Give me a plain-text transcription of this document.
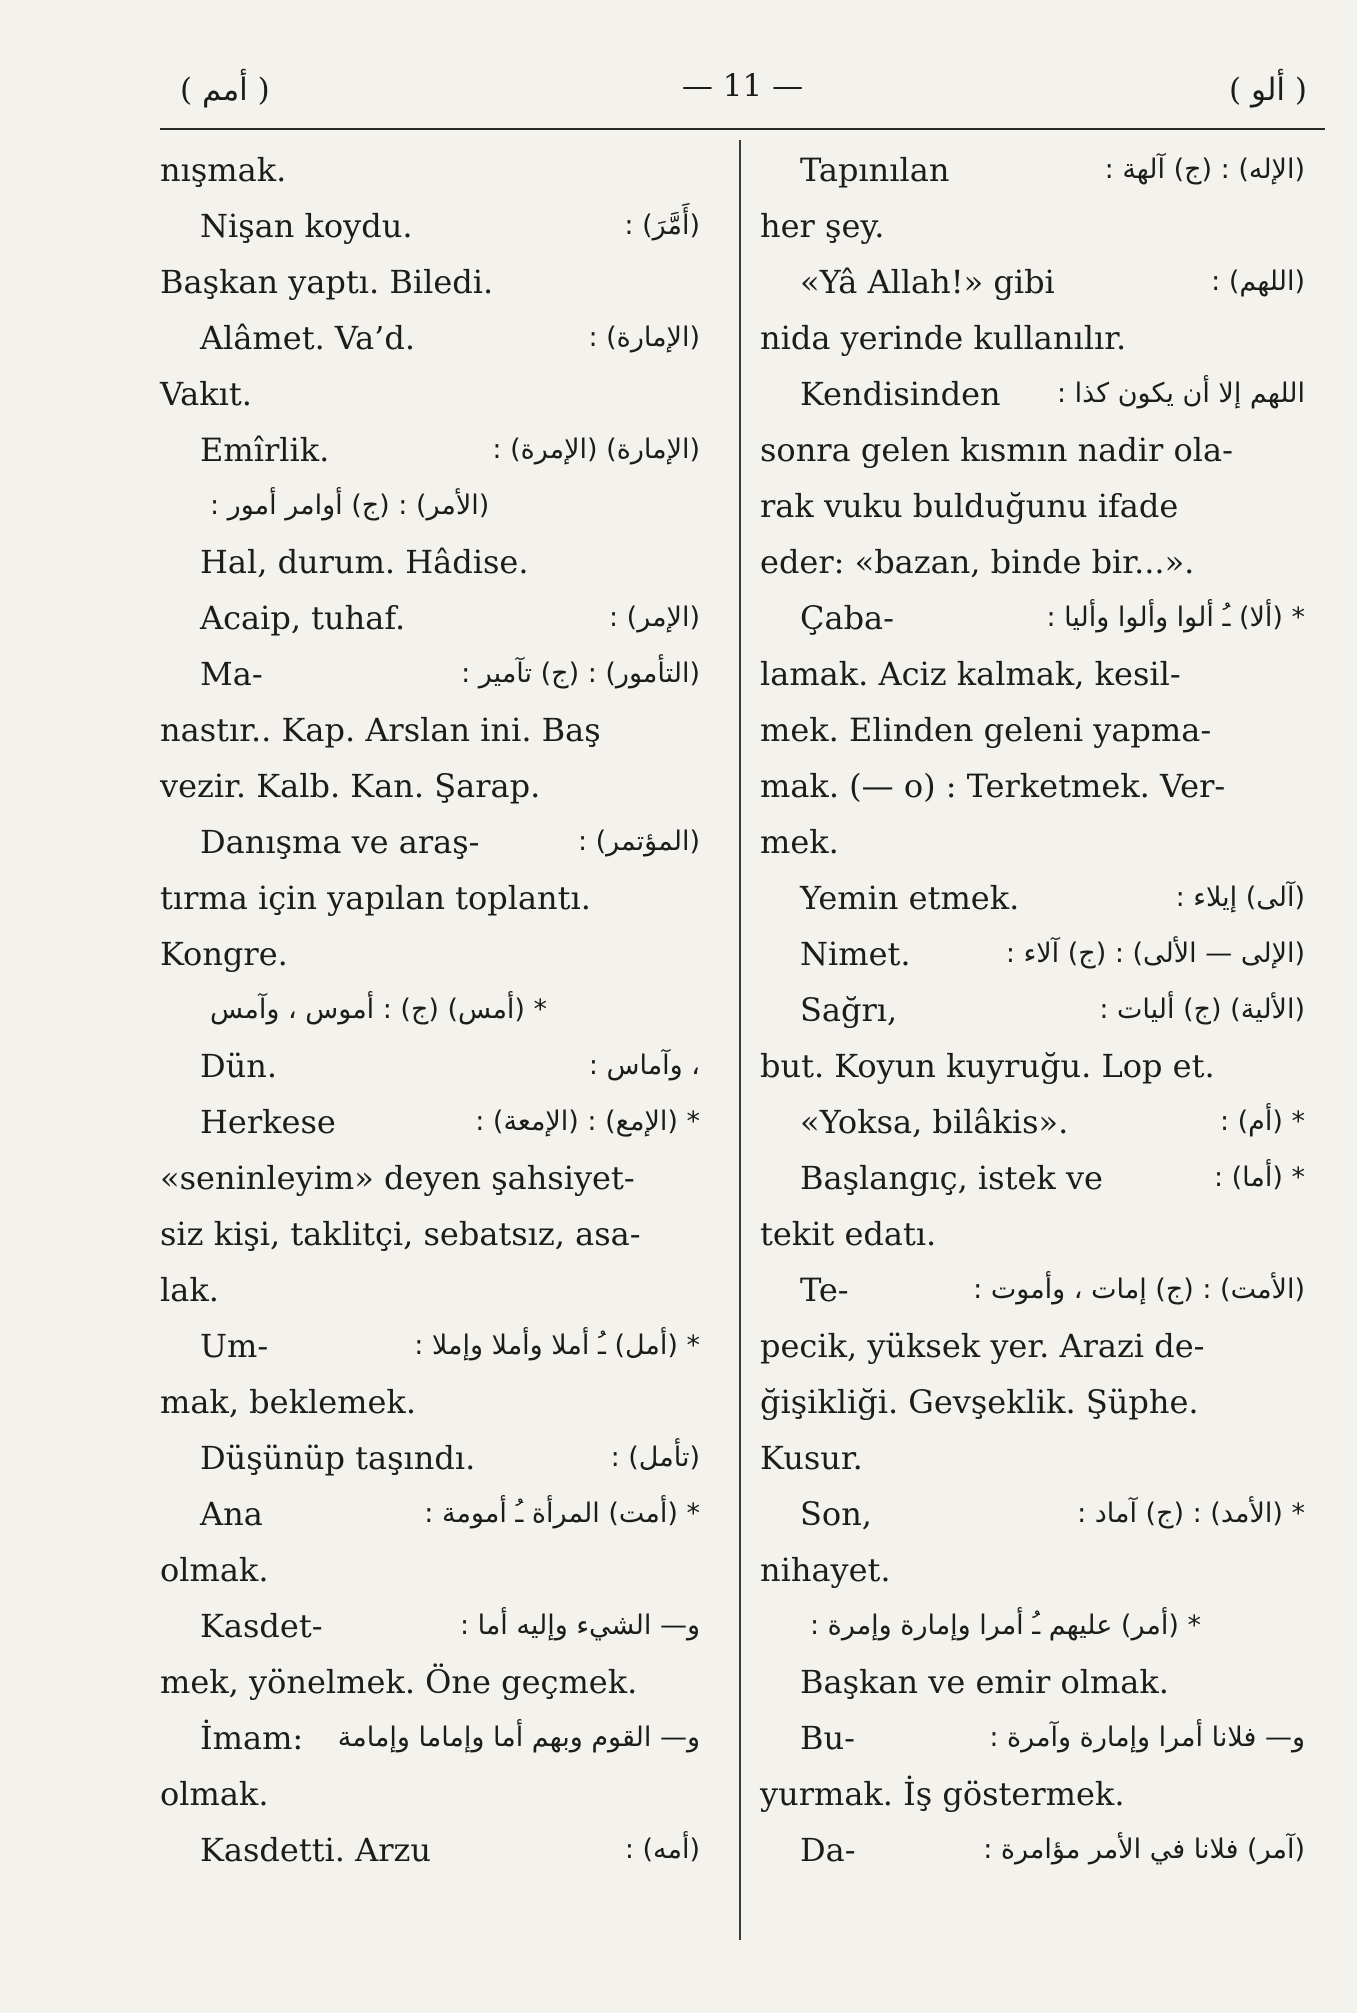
( أمم )	— 11 —	( ألو )
nışmak.
Nişan koydu.	(أَمَّرَ) :
Başkan yaptı. Biledi.
Alâmet. Va’d.	(الإمارة) :
Vakıt.
Emîrlik.	(الإمارة) (الإمرة) :
(الأمر) : (ج) أوامر أمور :
Hal, durum. Hâdise.
Acaip, tuhaf.	(الإمر) :
Ma-	(التأمور) : (ج) تآمير :
nastır.. Kap. Arslan ini. Baş
vezir. Kalb. Kan. Şarap.
Danışma ve araş-	(المؤتمر) :
tırma için yapılan toplantı.
Kongre.
* (أمس) (ج) : أموس ، وآمس
Dün.	، وآماس :
Herkese	* (الإمع) : (الإمعة) :
«seninleyim» deyen şahsiyet-
siz kişi, taklitçi, sebatsız, asa-
lak.
Um-	* (أمل) ـُ أملا وأملا وإملا :
mak, beklemek.
Düşünüp taşındı.	(تأمل) :
Ana	* (أمت) المرأة ـُ أمومة :
olmak.
Kasdet-	و— الشيء وإليه أما :
mek, yönelmek. Öne geçmek.
İmam: و— القوم وبهم أما وإماما وإمامة
olmak.
Kasdetti. Arzu	(أمه) :
Tapınılan	(الإله) : (ج) آلهة :
her şey.
«Yâ Allah!» gibi	(اللهم) :
nida yerinde kullanılır.
Kendisinden اللهم إلا أن يكون كذا :
sonra gelen kısmın nadir ola-
rak vuku bulduğunu ifade
eder: «bazan, binde bir...».
Çaba-	* (ألا) ـُ ألوا وألوا وأليا :
lamak. Aciz kalmak, kesil-
mek. Elinden geleni yapma-
mak. (— o) : Terketmek. Ver-
mek.
Yemin etmek.	(آلى) إيلاء :
Nimet.	(الإلى — الألى) : (ج) آلاء :
Sağrı,	(الألية) (ج) أليات :
but. Koyun kuyruğu. Lop et.
«Yoksa, bilâkis».	* (أم) :
Başlangıç, istek ve	* (أما) :
tekit edatı.
Te-	(الأمت) : (ج) إمات ، وأموت :
pecik, yüksek yer. Arazi de-
ğişikliği. Gevşeklik. Şüphe.
Kusur.
Son,	* (الأمد) : (ج) آماد :
nihayet.
* (أمر) عليهم ـُ أمرا وإمارة وإمرة :
Başkan ve emir olmak.
Bu-	و— فلانا أمرا وإمارة وآمرة :
yurmak. İş göstermek.
Da-	(آمر) فلانا في الأمر مؤامرة :
